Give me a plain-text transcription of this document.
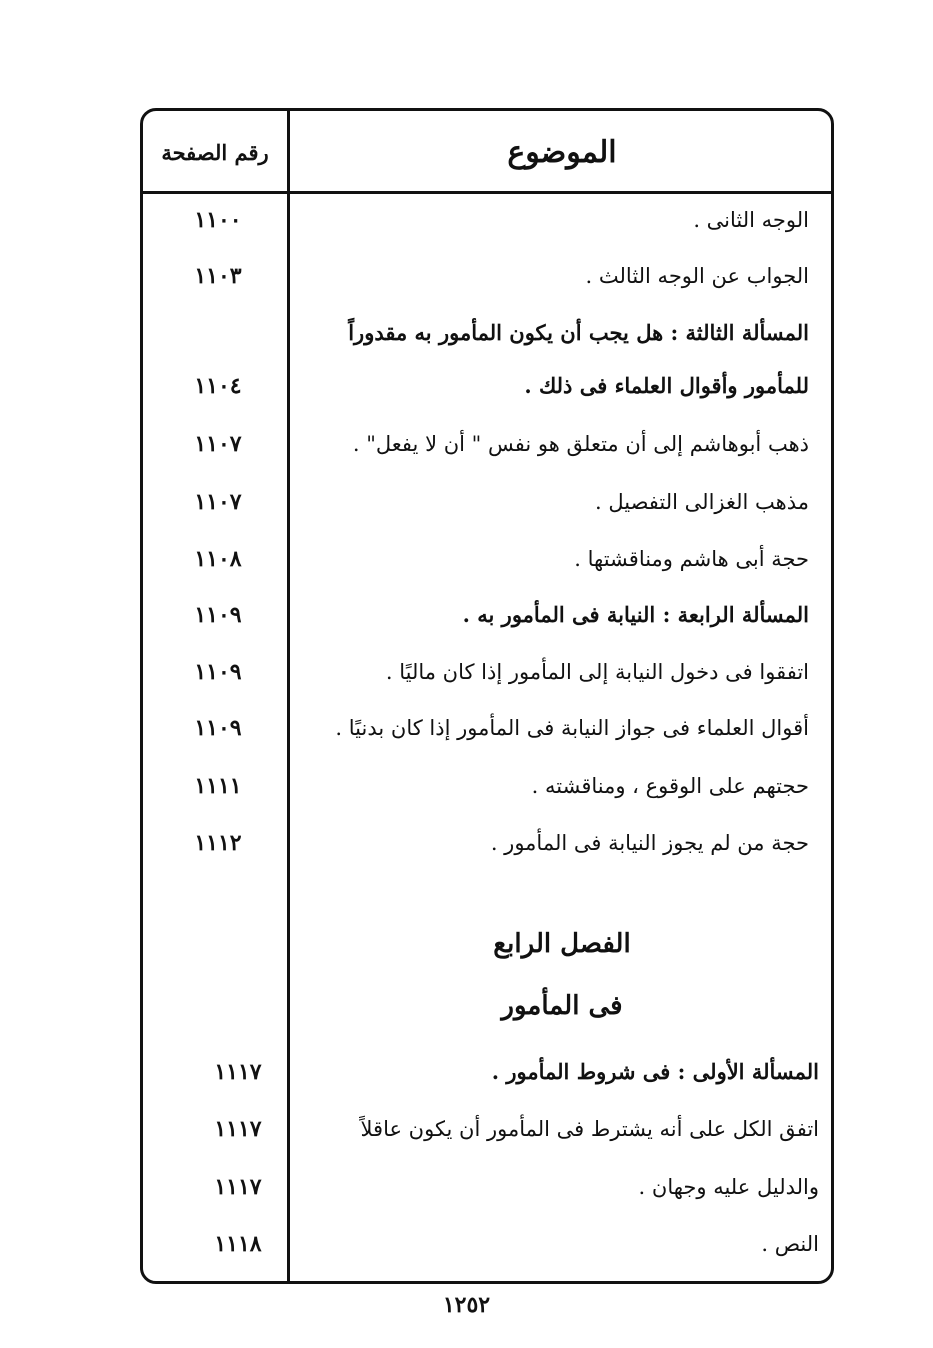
الموضوع
رقم الصفحة
الوجه الثانى .
١١٠٠
الجواب عن الوجه الثالث .
١١٠٣
المسألة الثالثة : هل يجب أن يكون المأمور به مقدوراً
للمأمور وأقوال العلماء فى ذلك .
١١٠٤
ذهب أبوهاشم إلى أن متعلق هو نفس " أن لا يفعل" .
١١٠٧
مذهب الغزالى التفصيل .
١١٠٧
حجة أبى هاشم ومناقشتها .
١١٠٨
المسألة الرابعة : النيابة فى المأمور به .
١١٠٩
اتفقوا فى دخول النيابة إلى المأمور إذا كان ماليًا .
١١٠٩
أقوال العلماء فى جواز النيابة فى المأمور إذا كان بدنيًا .
١١٠٩
حجتهم على الوقوع ، ومناقشته .
١١١١
حجة من لم يجوز النيابة فى المأمور .
١١١٢
الفصل الرابع
فى المأمور
المسألة الأولى : فى شروط المأمور .
١١١٧
اتفق الكل على أنه يشترط فى المأمور أن يكون عاقلاً
١١١٧
والدليل عليه وجهان .
١١١٧
النص .
١١١٨
١٢٥٢
